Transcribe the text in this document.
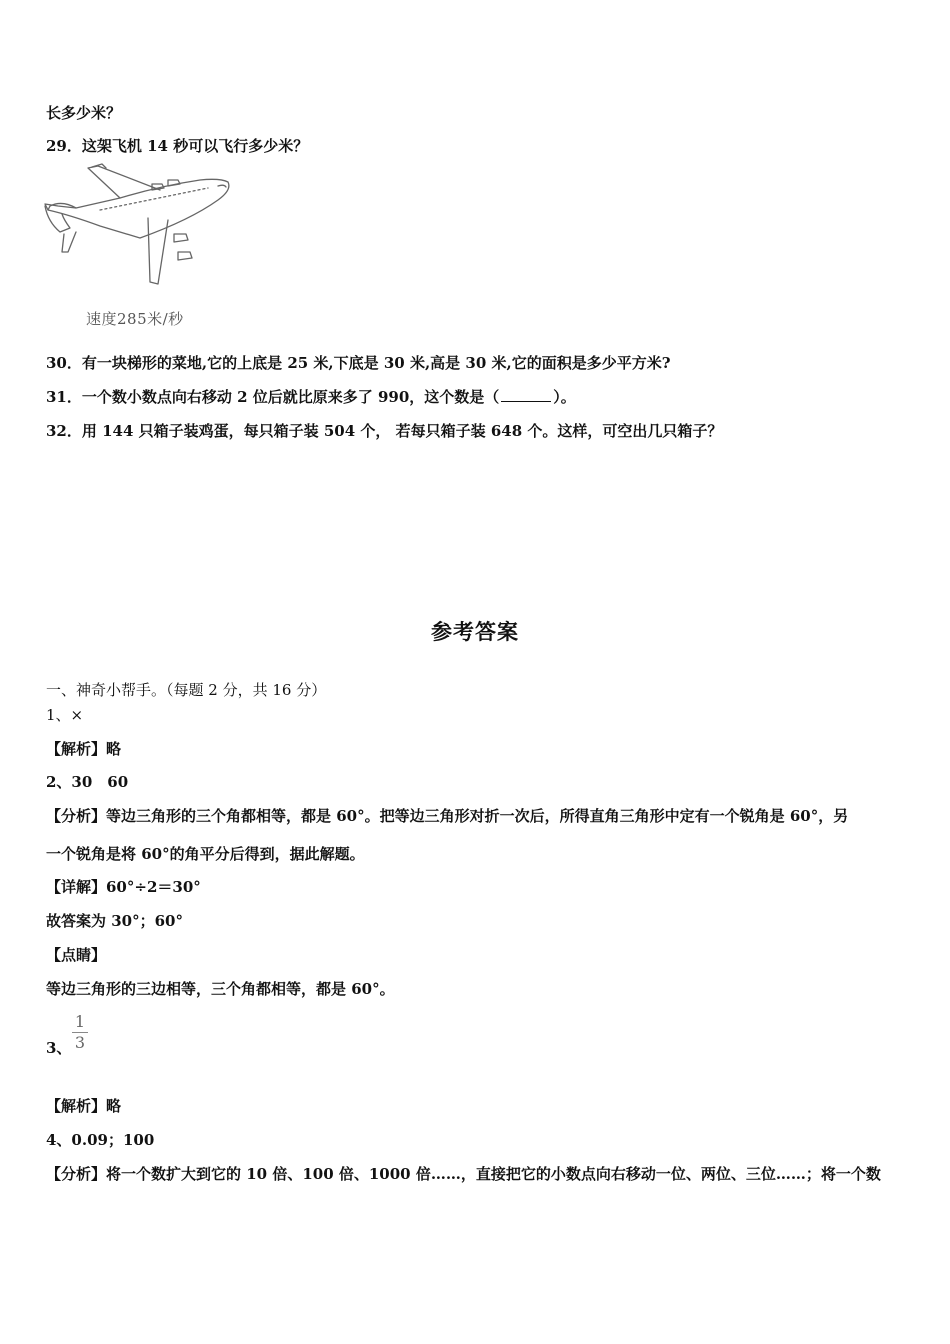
长多少米？
29．这架飞机 14 秒可以飞行多少米？
速度285米/秒
30．有一块梯形的菜地,它的上底是 25 米,下底是 30 米,高是 30 米,它的面积是多少平方米?
31．一个数小数点向右移动 2 位后就比原来多了 990，这个数是（	）。
32．用 144 只箱子装鸡蛋，每只箱子装 504 个， 若每只箱子装 648 个。这样，可空出几只箱子？
参考答案
一、神奇小帮手。（每题 2 分，共 16 分）
1、×
【解析】略
2、30　60
【分析】等边三角形的三个角都相等，都是 60°。把等边三角形对折一次后，所得直角三角形中定有一个锐角是 60°，另
一个锐角是将 60°的角平分后得到，据此解题。
【详解】60°÷2＝30°
故答案为 30°；60°
【点睛】
等边三角形的三边相等，三个角都相等，都是 60°。
3、
1
3
【解析】略
4、0.09；100
【分析】将一个数扩大到它的 10 倍、100 倍、1000 倍……，直接把它的小数点向右移动一位、两位、三位……；将一个数
